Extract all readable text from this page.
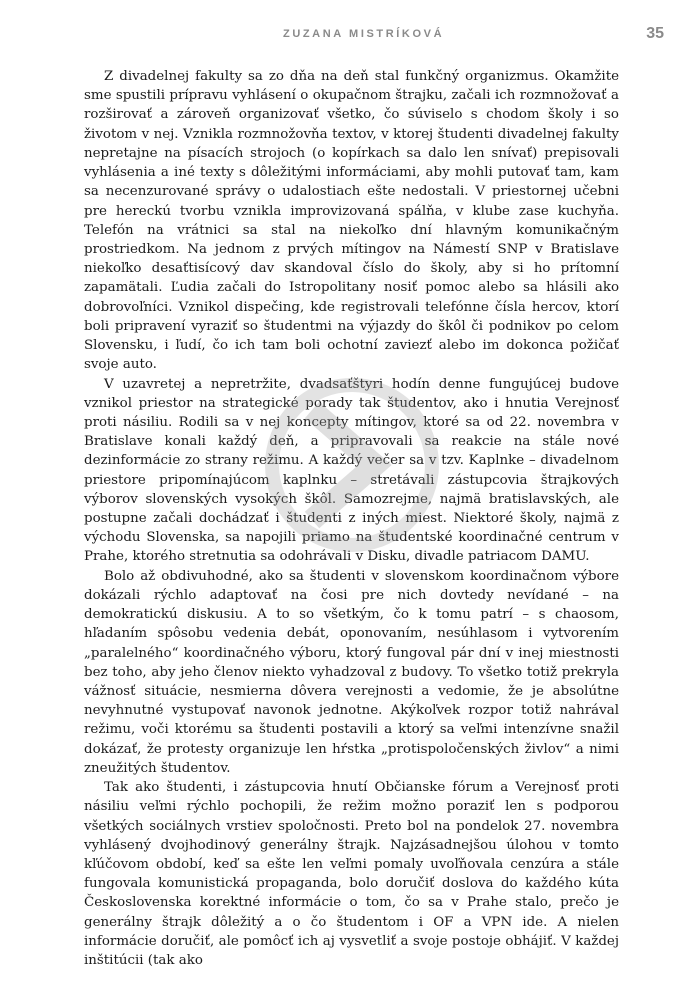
ZUZANA MISTRÍKOVÁ	35

Z divadelnej fakulty sa zo dňa na deň stal funkčný organizmus. Okamžite sme spustili prípravu vyhlásení o okupačnom štrajku, začali ich rozmnožovať a rozširovať a zároveň organizovať všetko, čo súviselo s chodom školy i so životom v nej. Vznikla rozmnožovňa textov, v ktorej študenti divadelnej fakulty nepretajne na písacích strojoch (o kopírkach sa dalo len snívať) prepisovali vyhlásenia a iné texty s dôležitými informáciami, aby mohli putovať tam, kam sa necenzurované správy o udalostiach ešte nedostali. V priestornej učebni pre hereckú tvorbu vznikla improvizovaná spálňa, v klube zase kuchyňa. Telefón na vrátnici sa stal na niekoľko dní hlavným komunikačným prostriedkom. Na jednom z prvých mítingov na Námestí SNP v Bratislave niekoľko desaťtisícový dav skandoval číslo do školy, aby si ho prítomní zapamätali. Ľudia začali do Istropolitany nosiť pomoc alebo sa hlásili ako dobrovoľníci. Vznikol dispečing, kde registrovali telefónne čísla hercov, ktorí boli pripravení vyraziť so študentmi na výjazdy do škôl či podnikov po celom Slovensku, i ľudí, čo ich tam boli ochotní zaviezť alebo im dokonca požičať svoje auto.

V uzavretej a nepretržite, dvadsaťštyri hodín denne fungujúcej budove vznikol priestor na strategické porady tak študentov, ako i hnutia Verejnosť proti násiliu. Rodili sa v nej koncepty mítingov, ktoré sa od 22. novembra v Bratislave konali každý deň, a pripravovali sa reakcie na stále nové dezinformácie zo strany režimu. A každý večer sa v tzv. Kaplnke – divadelnom priestore pripomínajúcom kaplnku – stretávali zástupcovia štrajkových výborov slovenských vysokých škôl. Samozrejme, najmä bratislavských, ale postupne začali dochádzať i študenti z iných miest. Niektoré školy, najmä z východu Slovenska, sa napojili priamo na študentské koordinačné centrum v Prahe, ktorého stretnutia sa odohrávali v Disku, divadle patriacom DAMU.

Bolo až obdivuhodné, ako sa študenti v slovenskom koordinačnom výbore dokázali rýchlo adaptovať na čosi pre nich dovtedy nevídané – na demokratickú diskusiu. A to so všetkým, čo k tomu patrí – s chaosom, hľadaním spôsobu vedenia debát, oponovaním, nesúhlasom i vytvorením „paralelného“ koordinačného výboru, ktorý fungoval pár dní v inej miestnosti bez toho, aby jeho členov niekto vyhadzoval z budovy. To všetko totiž prekryla vážnosť situácie, nesmierna dôvera verejnosti a vedomie, že je absolútne nevyhnutné vystupovať navonok jednotne. Akýkoľvek rozpor totiž nahrával režimu, voči ktorému sa študenti postavili a ktorý sa veľmi intenzívne snažil dokázať, že protesty organizuje len hŕstka „protispoločenských živlov“ a nimi zneužitých študentov.

Tak ako študenti, i zástupcovia hnutí Občianske fórum a Verejnosť proti násiliu veľmi rýchlo pochopili, že režim možno poraziť len s podporou všetkých sociálnych vrstiev spoločnosti. Preto bol na pondelok 27. novembra vyhlásený dvojhodinový generálny štrajk. Najzásadnejšou úlohou v tomto kľúčovom období, keď sa ešte len veľmi pomaly uvoľňovala cenzúra a stále fungovala komunistická propaganda, bolo doručiť doslova do každého kúta Československa korektné informácie o tom, čo sa v Prahe stalo, prečo je generálny štrajk dôležitý a o čo študentom i OF a VPN ide. A nielen informácie doručiť, ale pomôcť ich aj vysvetliť a svoje postoje obhájiť. V každej inštitúcii (tak ako
